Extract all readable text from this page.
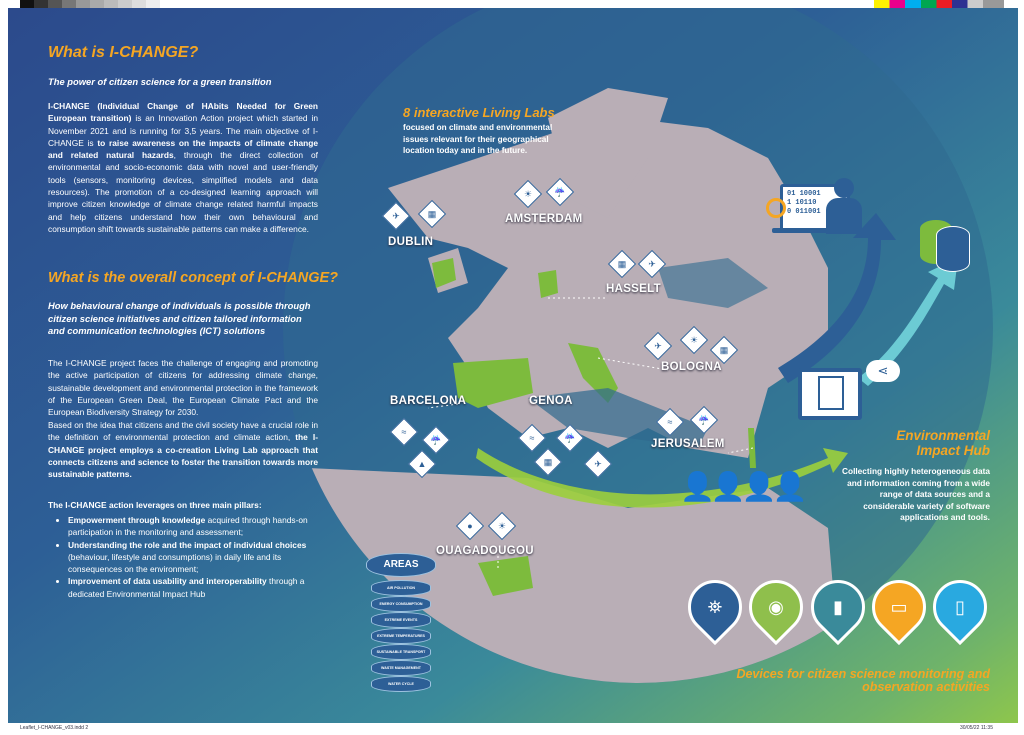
What is I-CHANGE?
The power of citizen science for a green transition
I-CHANGE (Individual Change of HAbits Needed for Green European transition) is an Innovation Action project which started in November 2021 and is running for 3,5 years. The main objective of I-CHANGE is to raise awareness on the impacts of climate change and related natural hazards, through the direct collection of environmental and socio-economic data with novel and user-friendly tools (sensors, monitoring devices, simplified models and data resources). The promotion of a co-designed learning approach will improve citizen knowledge of climate change related harmful impacts and help citizens understand how their own behavioural and consumption shift towards sustainable patterns can make a difference.
What is the overall concept of I-CHANGE?
How behavioural change of individuals is possible through citizen science initiatives and citizen tailored information and communication technologies (ICT) solutions
The I-CHANGE project faces the challenge of engaging and promoting the active participation of citizens for addressing climate change, sustainable development and environmental protection in the framework of the European Green Deal, the European Climate Pact and the European Biodiversity Strategy for 2030.
Based on the idea that citizens and the civil society have a crucial role in the definition of environmental protection and climate action, the I-CHANGE project employs a co-creation Living Lab approach that connects citizens and science to foster the transition towards more sustainable patterns.
The I-CHANGE action leverages on three main pillars:
• Empowerment through knowledge acquired through hands-on participation in the monitoring and assessment;
• Understanding the role and the impact of individual choices (behaviour, lifestyle and consumptions) in daily life and its consequences on the environment;
• Improvement of data usability and interoperability through a dedicated Environmental Impact Hub
8 interactive Living Labs
focused on climate and environmental issues relevant for their geographical location today and in the future.
DUBLIN
AMSTERDAM
HASSELT
BOLOGNA
BARCELONA	GENOA
JERUSALEM
OUAGADOUGOU
✈	▦
☀	☔
▦	✈
✈
☀
▦
≈
☔
▲
≈	☔
▦	✈
≈	☔
●	☀
👤👤👤👤
01 10001
1 10110
0 011001
⋖
Environmental Impact Hub
Collecting highly heterogeneous data and information coming from a wide range of data sources and a considerable variety of software applications and tools.
AREAS
AIR POLLUTION
ENERGY CONSUMPTION
EXTREME EVENTS
EXTREME TEMPERATURES
SUSTAINABLE TRANSPORT
WASTE MANAGEMENT
WATER CYCLE
⛯	◉	▮	▭	▯
Devices for citizen science monitoring and observation activities
Leaflet_I-CHANGE_v03.indd 2	30/05/22 11:35
